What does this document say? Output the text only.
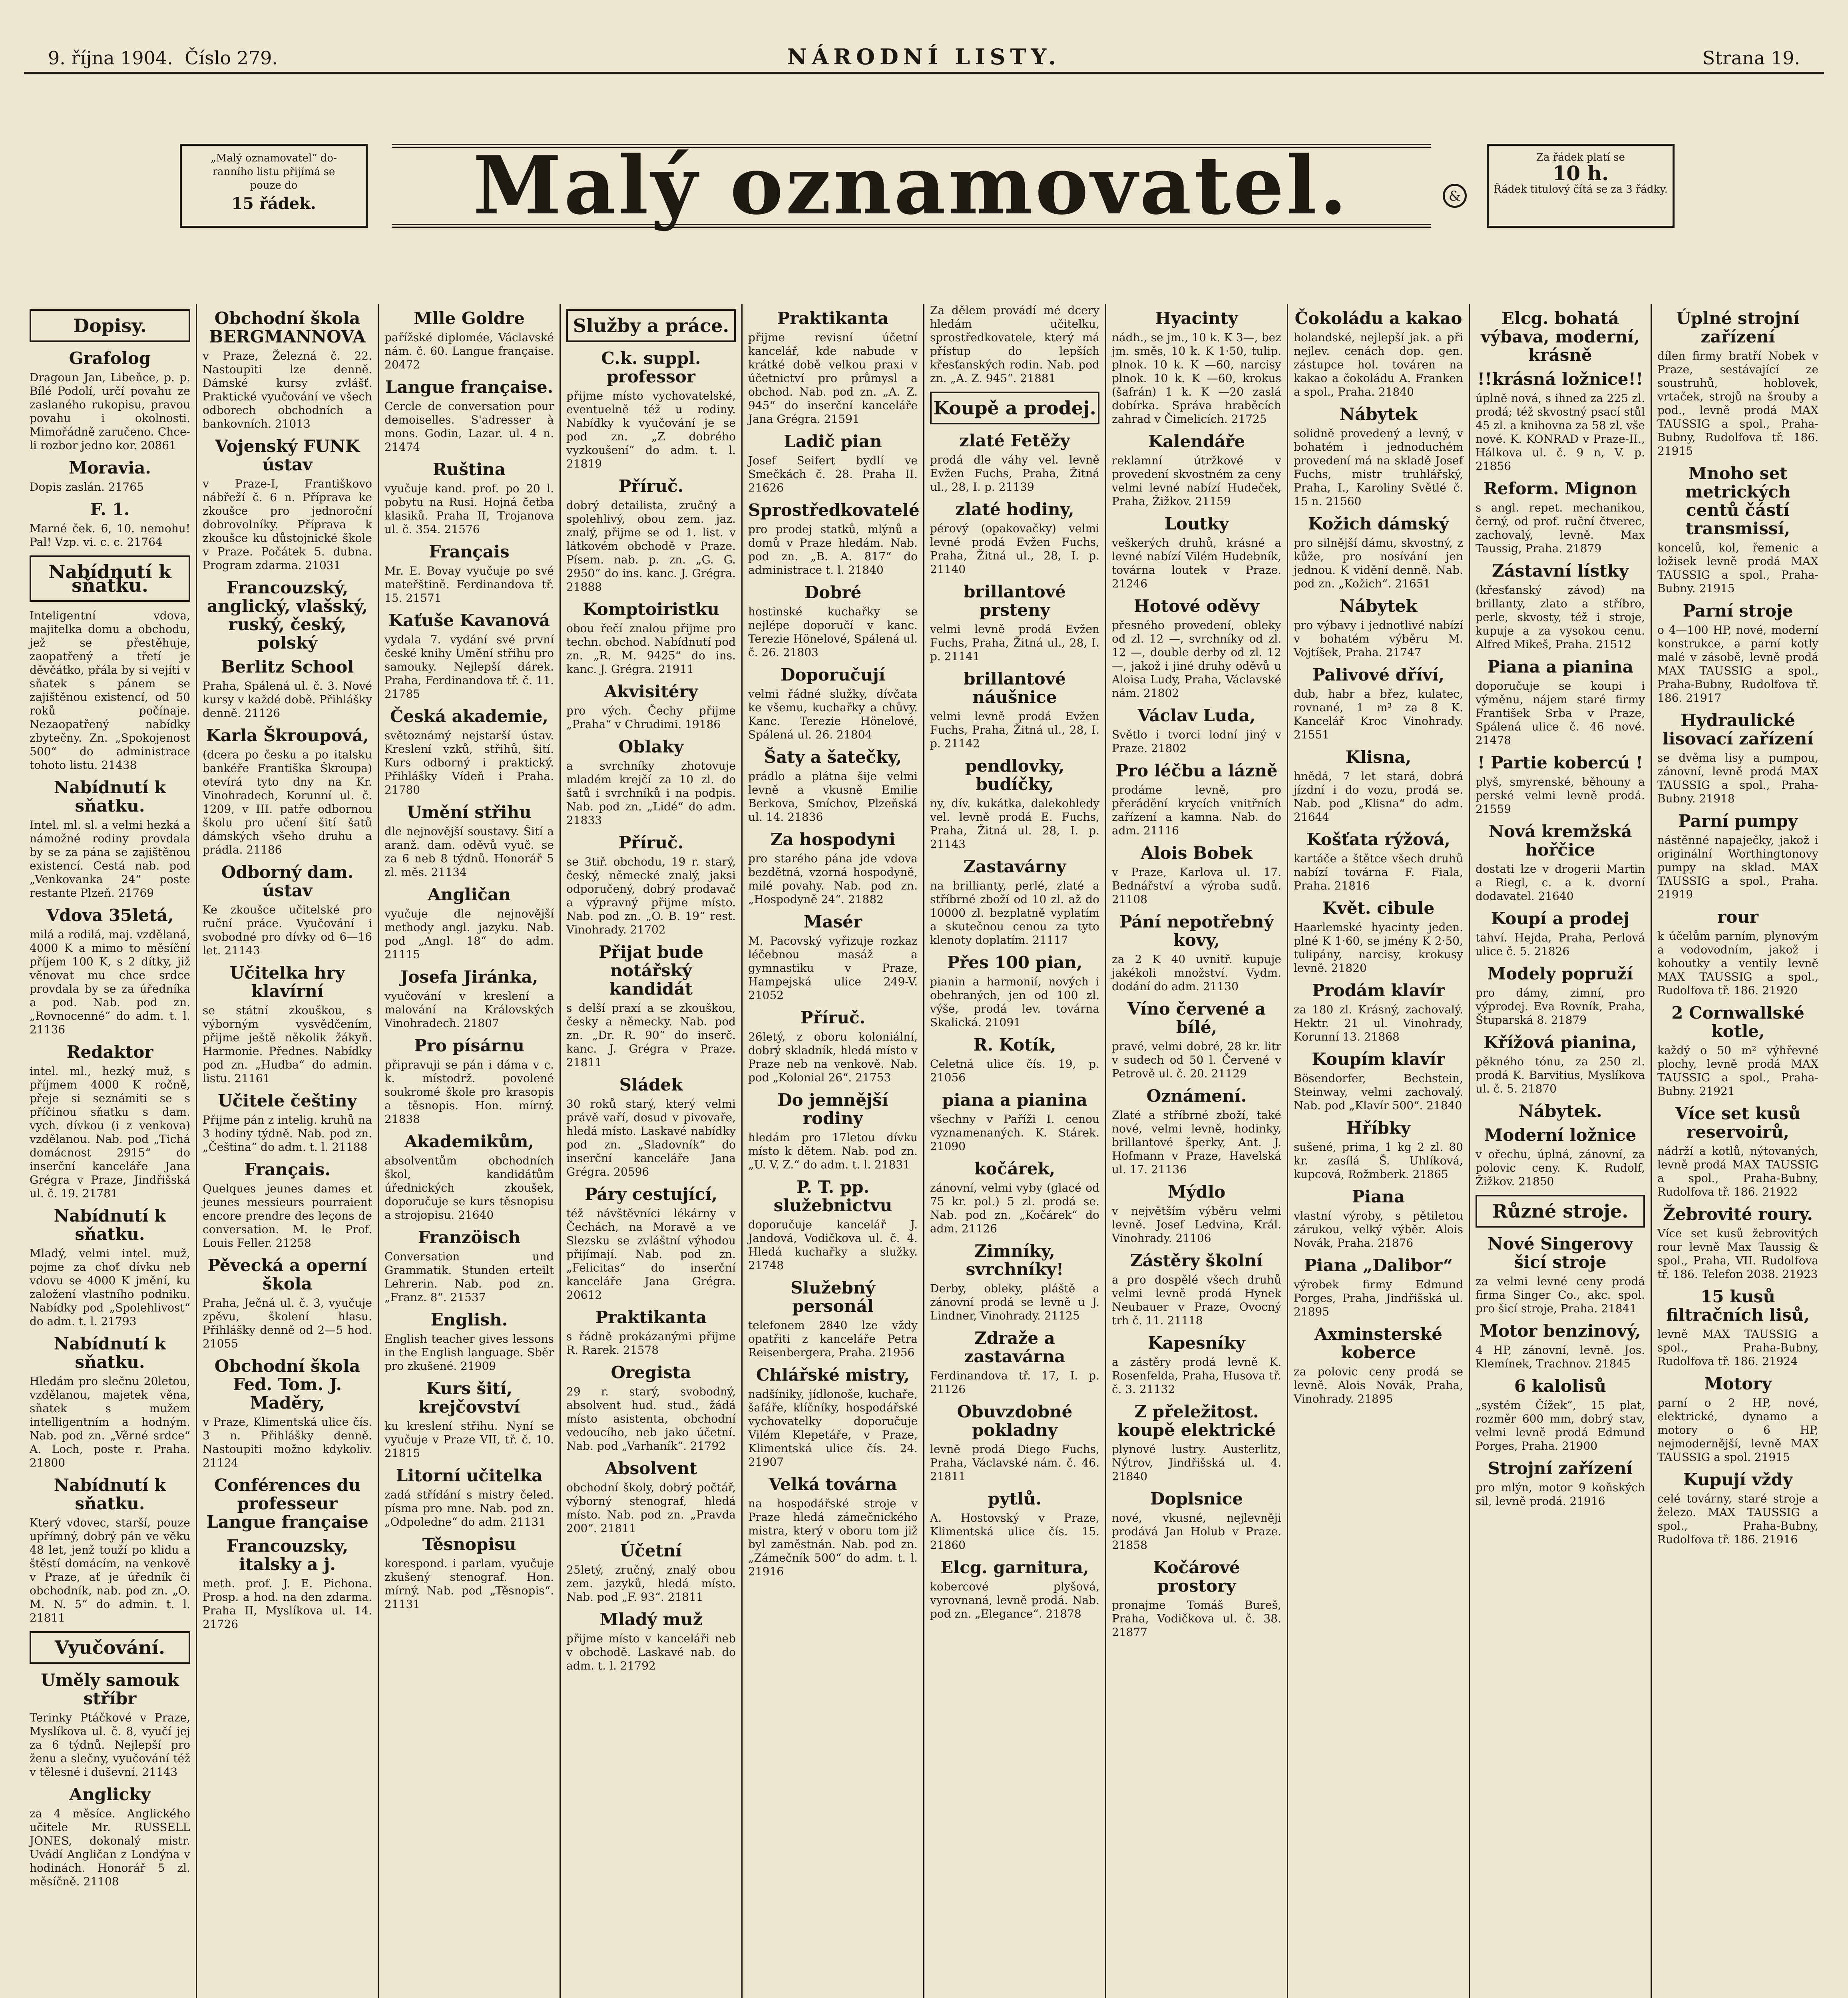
9. října 1904. Číslo 279.	NÁRODNÍ LISTY.	Strana 19.
„Malý oznamovatel“ do-
ranního listu přijímá se
pouze do
15 řádek.	Malý oznamovatel.	&
Za řádek platí se
10 h.
Řádek titulový čítá se za 3 řádky.
Dopisy.
Grafolog

Dragoun Jan, Libeňce, p. p. Bílé Podolí, určí povahu ze zaslaného rukopisu, pravou povahu i okolnosti. Mimořádně zaručeno. Chce-li rozbor jedno kor. 20861

Moravia.

Dopis zaslán. 21765

F. 1.

Marné ček. 6, 10. nemohu! Pal! Vzp. vi. c. c. 21764

Nabídnutí k sňatku.

Inteligentní vdova, majitelka domu a obchodu, jež se přestěhuje, zaopatřený a třetí je děvčátko, přála by si vejíti v sňatek s pánem se zajištěnou existencí, od 50 roků počínaje. Nezaopatřený nabídky zbytečny. Zn. „Spokojenost 500“ do administrace tohoto listu. 21438

Nabídnutí k sňatku.

Intel. ml. sl. a velmi hezká a námožné rodiny provdala by se za pána se zajištěnou existencí. Cestá nab. pod „Venkovanka 24“ poste restante Plzeň. 21769

Vdova 35letá,

milá a rodilá, maj. vzdělaná, 4000 K a mimo to měsíční příjem 100 K, s 2 dítky, již věnovat mu chce srdce provdala by se za úředníka a pod. Nab. pod zn. „Rovnocenné“ do adm. t. l. 21136

Redaktor

intel. ml., hezký muž, s příjmem 4000 K ročně, přeje si seznámiti se s příčinou sňatku s dam. vych. dívkou (i z venkova) vzdělanou. Nab. pod „Tichá domácnost 2915“ do inserční kanceláře Jana Grégra v Praze, Jindřišská ul. č. 19. 21781

Nabídnutí k sňatku.

Mladý, velmi intel. muž, pojme za choť dívku neb vdovu se 4000 K jmění, ku založení vlastního podniku. Nabídky pod „Spolehlivost“ do adm. t. l. 21793

Nabídnutí k sňatku.

Hledám pro slečnu 20letou, vzdělanou, majetek věna, sňatek s mužem intelligentním a hodným. Nab. pod zn. „Věrné srdce“ A. Loch, poste r. Praha. 21800

Nabídnutí k sňatku.

Který vdovec, starší, pouze upřímný, dobrý pán ve věku 48 let, jenž touží po klidu a štěstí domácím, na venkově v Praze, ať je úředník či obchodník, nab. pod zn. „O. M. N. 5“ do admin. t. l. 21811

Vyučování.
Uměly samouk stříbr

Terinky Ptáčkové v Praze, Myslíkova ul. č. 8, vyučí jej za 6 týdnů. Nejlepší pro ženu a slečny, vyučování též v tělesné i duševní. 21143

Anglicky

za 4 měsíce. Anglického učitele Mr. RUSSELL JONES, dokonalý mistr. Uvádí Angličan z Londýna v hodinách. Honorář 5 zl. měsíčně. 21108

Obchodní škola BERGMANNOVA

v Praze, Železná č. 22. Nastoupiti lze denně. Dámské kursy zvlášť. Praktické vyučování ve všech odborech obchodních a bankovních. 21013

Vojenský FUNK ústav

v Praze-I, Františkovo nábřeží č. 6 n. Příprava ke zkoušce pro jednoroční dobrovolníky. Příprava k zkoušce ku důstojnické škole v Praze. Počátek 5. dubna. Program zdarma. 21031

Francouzský, anglický, vlašský, ruský, český, polský
Berlitz School

Praha, Spálená ul. č. 3. Nové kursy v každé době. Přihlášky denně. 21126

Karla Škroupová,

(dcera po česku a po italsku bankéře Františka Škroupa) otevírá tyto dny na Kr. Vinohradech, Korunní ul. č. 1209, v III. patře odbornou školu pro učení šití šatů dámských všeho druhu a prádla. 21186

Odborný dam. ústav

Ke zkoušce učitelské pro ruční práce. Vyučování i svobodné pro dívky od 6—16 let. 21143

Učitelka hry klavírní

se státní zkouškou, s výborným vysvědčením, přijme ještě několik žákyň. Harmonie. Přednes. Nabídky pod zn. „Hudba“ do admin. listu. 21161

Učitele češtiny

Přijme pán z intelig. kruhů na 3 hodiny týdně. Nab. pod zn. „Čeština“ do adm. t. l. 21188

Français.

Quelques jeunes dames et jeunes messieurs pourraient encore prendre des leçons de conversation. M. le Prof. Louis Feller. 21258

Pěvecká a operní škola

Praha, Ječná ul. č. 3, vyučuje zpěvu, školení hlasu. Přihlášky denně od 2—5 hod. 21055

Obchodní škola Fed. Tom. J. Maděry,

v Praze, Klimentská ulice čís. 3 n. Přihlášky denně. Nastoupiti možno kdykoliv. 21124

Conférences du professeur Langue française
Francouzsky, italsky a j.

meth. prof. J. E. Pichona. Prosp. a hod. na den zdarma. Praha II, Myslíkova ul. 14. 21726

Mlle Goldre

pařížské diplomée, Václavské nám. č. 60. Langue française. 20472

Langue française.

Cercle de conversation pour demoiselles. S'adresser à mons. Godin, Lazar. ul. 4 n. 21474

Ruština

vyučuje kand. prof. po 20 l. pobytu na Rusi. Hojná četba klasiků. Praha II, Trojanova ul. č. 354. 21576

Français

Mr. E. Bovay vyučuje po své mateřštině. Ferdinandova tř. 15. 21571

Kaťuše Kavanová

vydala 7. vydání své první české knihy Umění střihu pro samouky. Nejlepší dárek. Praha, Ferdinandova tř. č. 11. 21785

Česká akademie,

světoznámý nejstarší ústav. Kreslení vzků, střihů, šití. Kurs odborný i praktický. Přihlášky Vídeň i Praha. 21780

Umění střihu

dle nejnovější soustavy. Šití a aranž. dam. oděvů vyuč. se za 6 neb 8 týdnů. Honorář 5 zl. měs. 21134

Angličan

vyučuje dle nejnovější methody angl. jazyku. Nab. pod „Angl. 18“ do adm. 21115

Josefa Jiránka,

vyučování v kreslení a malování na Královských Vinohradech. 21807

Pro písárnu

připravuji se pán i dáma v c. k. místodrž. povolené soukromé škole pro krasopis a těsnopis. Hon. mírný. 21838

Akademikům,

absolventům obchodních škol, kandidátům úřednických zkoušek, doporučuje se kurs těsnopisu a strojopisu. 21640

Franzöisch

Conversation und Grammatik. Stunden erteilt Lehrerin. Nab. pod zn. „Franz. 8“. 21537

English.

English teacher gives lessons in the English language. Sběr pro zkušené. 21909

Kurs šití, krejčovství

ku kreslení střihu. Nyní se vyučuje v Praze VII, tř. č. 10. 21815

Litorní učitelka

zadá střídání s mistry čeled. písma pro mne. Nab. pod zn. „Odpoledne“ do adm. 21131

Těsnopisu

korespond. i parlam. vyučuje zkušený stenograf. Hon. mírný. Nab. pod „Těsnopis“. 21131

Služby a práce.
C.k. suppl. professor

přijme místo vychovatelské, eventuelně též u rodiny. Nabídky k vyučování je se pod zn. „Z dobrého vyzkoušení“ do adm. t. l. 21819

Příruč.

dobrý detailista, zručný a spolehlivý, obou zem. jaz. znalý, přijme se od 1. list. v látkovém obchodě v Praze. Písem. nab. p. zn. „G. G. 2950“ do ins. kanc. J. Grégra. 21888

Komptoiristku

obou řečí znalou přijme pro techn. obchod. Nabídnutí pod zn. „R. M. 9425“ do ins. kanc. J. Grégra. 21911

Akvisitéry

pro vých. Čechy přijme „Praha“ v Chrudimi. 19186

Oblaky

a svrchníky zhotovuje mladém krejčí za 10 zl. do šatů i svrchníků i na podpis. Nab. pod zn. „Lidé“ do adm. 21833

Příruč.

se 3tiř. obchodu, 19 r. starý, český, německé znalý, jaksi odporučený, dobrý prodavač a výpravný přijme místo. Nab. pod zn. „O. B. 19“ rest. Vinohrady. 21702

Přijat bude notářský kandidát

s delší praxí a se zkouškou, česky a německy. Nab. pod zn. „Dr. R. 90“ do inserč. kanc. J. Grégra v Praze. 21811

Sládek

30 roků starý, který velmi právě vaří, dosud v pivovaře, hledá místo. Laskavé nabídky pod zn. „Sladovník“ do inserční kanceláře Jana Grégra. 20596

Páry cestující,

též návštěvníci lékárny v Čechách, na Moravě a ve Slezsku se zvláštní výhodou přijímají. Nab. pod zn. „Felicitas“ do inserční kanceláře Jana Grégra. 20612

Praktikanta

s řádně prokázanými přijme R. Rarek. 21578

Oregista

29 r. starý, svobodný, absolvent hud. stud., žádá místo asistenta, obchodní vedoucího, neb jako účetní. Nab. pod „Varhaník“. 21792

Absolvent

obchodní školy, dobrý počtář, výborný stenograf, hledá místo. Nab. pod zn. „Pravda 200“. 21811

Účetní

25letý, zručný, znalý obou zem. jazyků, hledá místo. Nab. pod „F. 93“. 21811

Mladý muž

přijme místo v kanceláři neb v obchodě. Laskavé nab. do adm. t. l. 21792

Praktikanta

přijme revisní účetní kancelář, kde nabude v krátké době velkou praxi v účetnictví pro průmysl a obchod. Nab. pod zn. „A. Z. 945“ do inserční kanceláře Jana Grégra. 21591

Ladič pian

Josef Seifert bydlí ve Smečkách č. 28. Praha II. 21626

Sprostředkovatelé

pro prodej statků, mlýnů a domů v Praze hledám. Nab. pod zn. „B. A. 817“ do administrace t. l. 21840

Dobré

hostinské kuchařky se nejlépe doporučí v kanc. Terezie Hönelové, Spálená ul. č. 26. 21803

Doporučují

velmi řádné služky, dívčata ke všemu, kuchařky a chůvy. Kanc. Terezie Hönelové, Spálená ul. 26. 21804

Šaty a šatečky,

prádlo a plátna šije velmi levně a vkusně Emilie Berkova, Smíchov, Plzeňská ul. 14. 21836

Za hospodyni

pro starého pána jde vdova bezdětná, vzorná hospodyně, milé povahy. Nab. pod zn. „Hospodyně 24“. 21882

Masér

M. Pacovský vyřizuje rozkaz léčebnou masáž a gymnastiku v Praze, Hampejská ulice 249-V. 21052

Příruč.

26letý, z oboru koloniální, dobrý skladník, hledá místo v Praze neb na venkově. Nab. pod „Kolonial 26“. 21753

Do jemnější rodiny

hledám pro 17letou dívku místo k dětem. Nab. pod zn. „U. V. Z.“ do adm. t. l. 21831

P. T. pp. služebnictvu

doporučuje kancelář J. Jandová, Vodičkova ul. č. 4. Hledá kuchařky a služky. 21748

Služebný personál

telefonem 2840 lze vždy opatřiti z kanceláře Petra Reisenbergera, Praha. 21956

Chlářské mistry,

nadšíniky, jídlonoše, kuchaře, šafáře, klíčníky, hospodářské vychovatelky doporučuje Vilém Klepetáře, v Praze, Klimentská ulice čís. 24. 21907

Velká továrna

na hospodářské stroje v Praze hledá zámečnického mistra, který v oboru tom již byl zaměstnán. Nab. pod zn. „Zámečník 500“ do adm. t. l. 21916

Za dělem provádí mé dcery hledám učitelku, sprostředkovatele, který má přístup do lepších křesťanských rodin. Nab. pod zn. „A. Z. 945“. 21881

Koupě a prodej.
zlaté Fetěžy

prodá dle váhy vel. levně Evžen Fuchs, Praha, Žitná ul., 28, I. p. 21139

zlaté hodiny,

pérový (opakovačky) velmi levné prodá Evžen Fuchs, Praha, Žitná ul., 28, I. p. 21140

brillantové prsteny

velmi levně prodá Evžen Fuchs, Praha, Žitná ul., 28, I. p. 21141

brillantové náušnice

velmi levně prodá Evžen Fuchs, Praha, Žitná ul., 28, I. p. 21142

pendlovky, budíčky,

ny, dív. kukátka, dalekohledy vel. levně prodá E. Fuchs, Praha, Žitná ul. 28, I. p. 21143

Zastavárny

na brillianty, perlé, zlaté a stříbrné zboží od 10 zl. až do 10000 zl. bezplatně vyplatím a skutečnou cenou za tyto klenoty doplatím. 21117

Přes 100 pian,

pianin a harmonií, nových i obehraných, jen od 100 zl. výše, prodá lev. továrna Skalická. 21091

R. Kotík,

Celetná ulice čís. 19, p. 21056

piana a pianina

všechny v Paříži I. cenou vyznamenaných. K. Stárek. 21090

kočárek,

zánovní, velmi vyby (glacé od 75 kr. pol.) 5 zl. prodá se. Nab. pod zn. „Kočárek“ do adm. 21126

Zimníky, svrchníky!

Derby, obleky, pláště a zánovní prodá se levně u J. Lindner, Vinohrady. 21125

Zdraže a zastavárna

Ferdinandova tř. 17, I. p. 21126

Obuvzdobné pokladny

levně prodá Diego Fuchs, Praha, Václavské nám. č. 46. 21811

pytlů.

A. Hostovský v Praze, Klimentská ulice čís. 15. 21860

Elcg. garnitura,

kobercové plyšová, vyrovnaná, levně prodá. Nab. pod zn. „Elegance“. 21878

Hyacinty

nádh., se jm., 10 k. K 3—, bez jm. směs, 10 k. K 1·50, tulip. plnok. 10 k. K —60, narcisy plnok. 10 k. K —60, krokus (šafrán) 1 k. K —20 zaslá dobírka. Správa hraběcích zahrad v Čimelicích. 21725

Kalendáře

reklamní útržkové v provedení skvostném za ceny velmi levné nabízí Hudeček, Praha, Žižkov. 21159

Loutky

veškerých druhů, krásné a levné nabízí Vilém Hudebník, továrna loutek v Praze. 21246

Hotové oděvy

přesného provedení, obleky od zl. 12 —, svrchníky od zl. 12 —, double derby od zl. 12 —, jakož i jiné druhy oděvů u Aloisa Ludy, Praha, Václavské nám. 21802

Václav Luda,

Světlo i tvorci lodní jiný v Praze. 21802

Pro léčbu a lázně

prodáme levně, pro přerádění krycích vnitřních zařízení a kamna. Nab. do adm. 21116

Alois Bobek

v Praze, Karlova ul. 17. Bednářství a výroba sudů. 21108

Pání nepotřebný kovy,

za 2 K 40 uvnitř. kupuje jakékoli množství. Vydm. dodání do adm. 21130

Víno červené a bílé,

pravé, velmi dobré, 28 kr. litr v sudech od 50 l. Červené v Petrově ul. č. 20. 21129

Oznámení.

Zlaté a stříbrné zboží, také nové, velmi levně, hodinky, brillantové šperky, Ant. J. Hofmann v Praze, Havelská ul. 17. 21136

Mýdlo

v největším výběru velmi levně. Josef Ledvina, Král. Vinohrady. 21106

Zástěry školní

a pro dospělé všech druhů velmi levně prodá Hynek Neubauer v Praze, Ovocný trh č. 11. 21118

Kapesníky

a zástěry prodá levně K. Rosenfelda, Praha, Husova tř. č. 3. 21132

Z přeležitost. koupě elektrické

plynové lustry. Austerlitz, Nýtrov, Jindřišská ul. 4. 21840

Doplsnice

nové, vkusné, nejlevněji prodává Jan Holub v Praze. 21858

Kočárové prostory

pronajme Tomáš Bureš, Praha, Vodičkova ul. č. 38. 21877

Čokoládu a kakao

holandské, nejlepší jak. a při nejlev. cenách dop. gen. zástupce hol. továren na kakao a čokoládu A. Franken a spol., Praha. 21840

Nábytek

solidně provedený a levný, v bohatém i jednoduchém provedení má na skladě Josef Fuchs, mistr truhlářský, Praha, I., Karoliny Světlé č. 15 n. 21560

Kožich dámský

pro silnější dámu, skvostný, z kůže, pro nosívání jen jednou. K vidění denně. Nab. pod zn. „Kožich“. 21651

Nábytek

pro výbavy i jednotlivé nabízí v bohatém výběru M. Vojtíšek, Praha. 21747

Palivové dříví,

dub, habr a břez, kulatec, rovnané, 1 m³ za 8 K. Kancelář Kroc Vinohrady. 21551

Klisna,

hnědá, 7 let stará, dobrá jízdní i do vozu, prodá se. Nab. pod „Klisna“ do adm. 21644

Košťata rýžová,

kartáče a štětce všech druhů nabízí továrna F. Fiala, Praha. 21816

Květ. cibule

Haarlemské hyacinty jeden. plné K 1·60, se jmény K 2·50, tulipány, narcisy, krokusy levně. 21820

Prodám klavír

za 180 zl. Krásný, zachovalý. Hektr. 21 ul. Vinohrady, Korunní 13. 21868

Koupím klavír

Bösendorfer, Bechstein, Steinway, velmi zachovalý. Nab. pod „Klavír 500“. 21840

Hříbky

sušené, prima, 1 kg 2 zl. 80 kr. zasílá Š. Uhlíková, kupcová, Rožmberk. 21865

Piana

vlastní výroby, s pětiletou zárukou, velký výběr. Alois Novák, Praha. 21876

Piana „Dalibor“

výrobek firmy Edmund Porges, Praha, Jindřišská ul. 21895

Axminsterské koberce

za polovic ceny prodá se levně. Alois Novák, Praha, Vinohrady. 21895

Elcg. bohatá výbava, moderní, krásně
!!krásná ložnice!!

úplně nová, s ihned za 225 zl. prodá; též skvostný psací stůl 45 zl. a knihovna za 58 zl. vše nové. K. KONRAD v Praze-II., Hálkova ul. č. 9 n, V. p. 21856

Reform. Mignon

s angl. repet. mechanikou, černý, od prof. ruční čtverec, zachovalý, levně. Max Taussig, Praha. 21879

Zástavní lístky

(křesťanský závod) na brillanty, zlato a stříbro, perle, skvosty, též i stroje, kupuje a za vysokou cenu. Alfred Mikeš, Praha. 21512

Piana a pianina

doporučuje se koupi i výměnu, nájem staré firmy František Srba v Praze, Spálená ulice č. 46 nové. 21478

! Partie kobercú !

plyš, smyrenské, běhouny a perské velmi levně prodá. 21559

Nová kremžská hořčice

dostati lze v drogerii Martin a Riegl, c. a k. dvorní dodavatel. 21640

Koupí a prodej

tahví. Hejda, Praha, Perlová ulice č. 5. 21826

Modely popruží

pro dámy, zimní, pro výprodej. Eva Rovník, Praha, Štuparská 8. 21879

Křížová pianina,

pěkného tónu, za 250 zl. prodá K. Barvitius, Myslíkova ul. č. 5. 21870

Nábytek.
Moderní ložnice

v ořechu, úplná, zánovní, za polovic ceny. K. Rudolf, Žižkov. 21850

Různé stroje.
Nové Singerovy šicí stroje

za velmi levné ceny prodá firma Singer Co., akc. spol. pro šicí stroje, Praha. 21841

Motor benzinový,

4 HP, zánovní, levně. Jos. Klemínek, Trachnov. 21845

6 kalolisů

„systém Čížek“, 15 plat, rozměr 600 mm, dobrý stav, velmi levně prodá Edmund Porges, Praha. 21900

Strojní zařízení

pro mlýn, motor 9 koňských sil, levně prodá. 21916

Úplné strojní zařízení

dílen firmy bratří Nobek v Praze, sestávající ze soustruhů, hoblovek, vrtaček, strojů na šrouby a pod., levně prodá MAX TAUSSIG a spol., Praha-Bubny, Rudolfova tř. 186. 21915

Mnoho set metrických centů částí transmissí,

koncelů, kol, řemenic a ložisek levně prodá MAX TAUSSIG a spol., Praha-Bubny. 21915

Parní stroje

o 4—100 HP, nové, moderní konstrukce, a parní kotly malé v zásobě, levně prodá MAX TAUSSIG a spol., Praha-Bubny, Rudolfova tř. 186. 21917

Hydraulické lisovací zařízení

se dvěma lisy a pumpou, zánovní, levně prodá MAX TAUSSIG a spol., Praha-Bubny. 21918

Parní pumpy

nástěnné napaječky, jakož i originální Worthingtonovy pumpy na sklad. MAX TAUSSIG a spol., Praha. 21919

rour

k účelům parním, plynovým a vodovodním, jakož i kohoutky a ventily levně MAX TAUSSIG a spol., Rudolfova tř. 186. 21920

2 Cornwallské kotle,

každý o 50 m² výhřevné plochy, levně prodá MAX TAUSSIG a spol., Praha-Bubny. 21921

Více set kusů reservoirů,

nádrží a kotlů, nýtovaných, levně prodá MAX TAUSSIG a spol., Praha-Bubny, Rudolfova tř. 186. 21922

Žebrovité roury.

Více set kusů žebrovitých rour levně Max Taussig & spol., Praha, VII. Rudolfova tř. 186. Telefon 2038. 21923

15 kusů filtračních lisů,

levně MAX TAUSSIG a spol., Praha-Bubny, Rudolfova tř. 186. 21924

Motory

parní o 2 HP, nové, elektrické, dynamo a motory o 6 HP, nejmodernější, levně MAX TAUSSIG a spol. 21915

Kupují vždy

celé továrny, staré stroje a železo. MAX TAUSSIG a spol., Praha-Bubny, Rudolfova tř. 186. 21916
